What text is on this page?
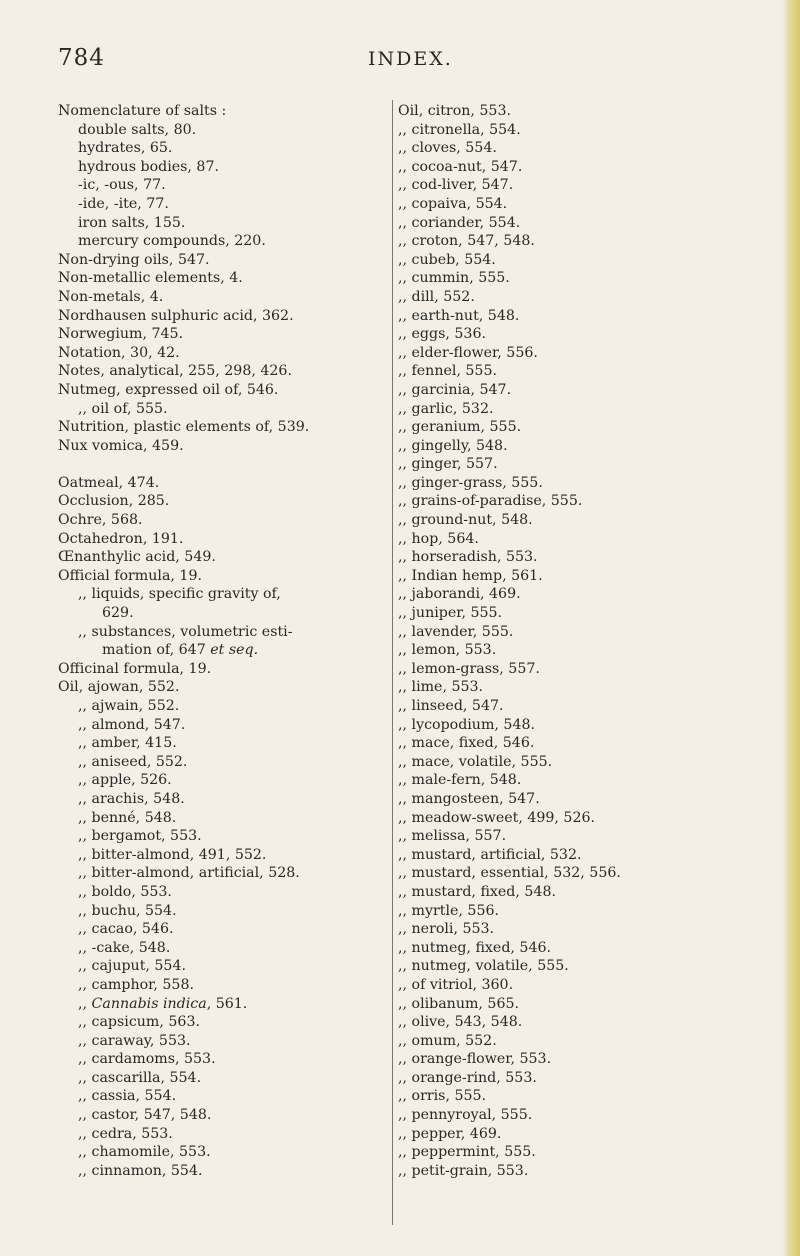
784	INDEX.
Nomenclature of salts :
double salts, 80.
hydrates, 65.
hydrous bodies, 87.
-ic, -ous, 77.
-ide, -ite, 77.
iron salts, 155.
mercury compounds, 220.
Non-drying oils, 547.
Non-metallic elements, 4.
Non-metals, 4.
Nordhausen sulphuric acid, 362.
Norwegium, 745.
Notation, 30, 42.
Notes, analytical, 255, 298, 426.
Nutmeg, expressed oil of, 546.
,, oil of, 555.
Nutrition, plastic elements of, 539.
Nux vomica, 459.
Oatmeal, 474.
Occlusion, 285.
Ochre, 568.
Octahedron, 191.
Œnanthylic acid, 549.
Official formula, 19.
,, liquids, specific gravity of,
629.
,, substances, volumetric esti-
mation of, 647 et seq.
Officinal formula, 19.
Oil, ajowan, 552.
,, ajwain, 552.
,, almond, 547.
,, amber, 415.
,, aniseed, 552.
,, apple, 526.
,, arachis, 548.
,, benné, 548.
,, bergamot, 553.
,, bitter-almond, 491, 552.
,, bitter-almond, artificial, 528.
,, boldo, 553.
,, buchu, 554.
,, cacao, 546.
,, -cake, 548.
,, cajuput, 554.
,, camphor, 558.
,, Cannabis indica, 561.
,, capsicum, 563.
,, caraway, 553.
,, cardamoms, 553.
,, cascarilla, 554.
,, cassia, 554.
,, castor, 547, 548.
,, cedra, 553.
,, chamomile, 553.
,, cinnamon, 554.
Oil, citron, 553.
,, citronella, 554.
,, cloves, 554.
,, cocoa-nut, 547.
,, cod-liver, 547.
,, copaiva, 554.
,, coriander, 554.
,, croton, 547, 548.
,, cubeb, 554.
,, cummin, 555.
,, dill, 552.
,, earth-nut, 548.
,, eggs, 536.
,, elder-flower, 556.
,, fennel, 555.
,, garcinia, 547.
,, garlic, 532.
,, geranium, 555.
,, gingelly, 548.
,, ginger, 557.
,, ginger-grass, 555.
,, grains-of-paradise, 555.
,, ground-nut, 548.
,, hop, 564.
,, horseradish, 553.
,, Indian hemp, 561.
,, jaborandi, 469.
,, juniper, 555.
,, lavender, 555.
,, lemon, 553.
,, lemon-grass, 557.
,, lime, 553.
,, linseed, 547.
,, lycopodium, 548.
,, mace, fixed, 546.
,, mace, volatile, 555.
,, male-fern, 548.
,, mangosteen, 547.
,, meadow-sweet, 499, 526.
,, melissa, 557.
,, mustard, artificial, 532.
,, mustard, essential, 532, 556.
,, mustard, fixed, 548.
,, myrtle, 556.
,, neroli, 553.
,, nutmeg, fixed, 546.
,, nutmeg, volatile, 555.
,, of vitriol, 360.
,, olibanum, 565.
,, olive, 543, 548.
,, omum, 552.
,, orange-flower, 553.
,, orange-rind, 553.
,, orris, 555.
,, pennyroyal, 555.
,, pepper, 469.
,, peppermint, 555.
,, petit-grain, 553.
